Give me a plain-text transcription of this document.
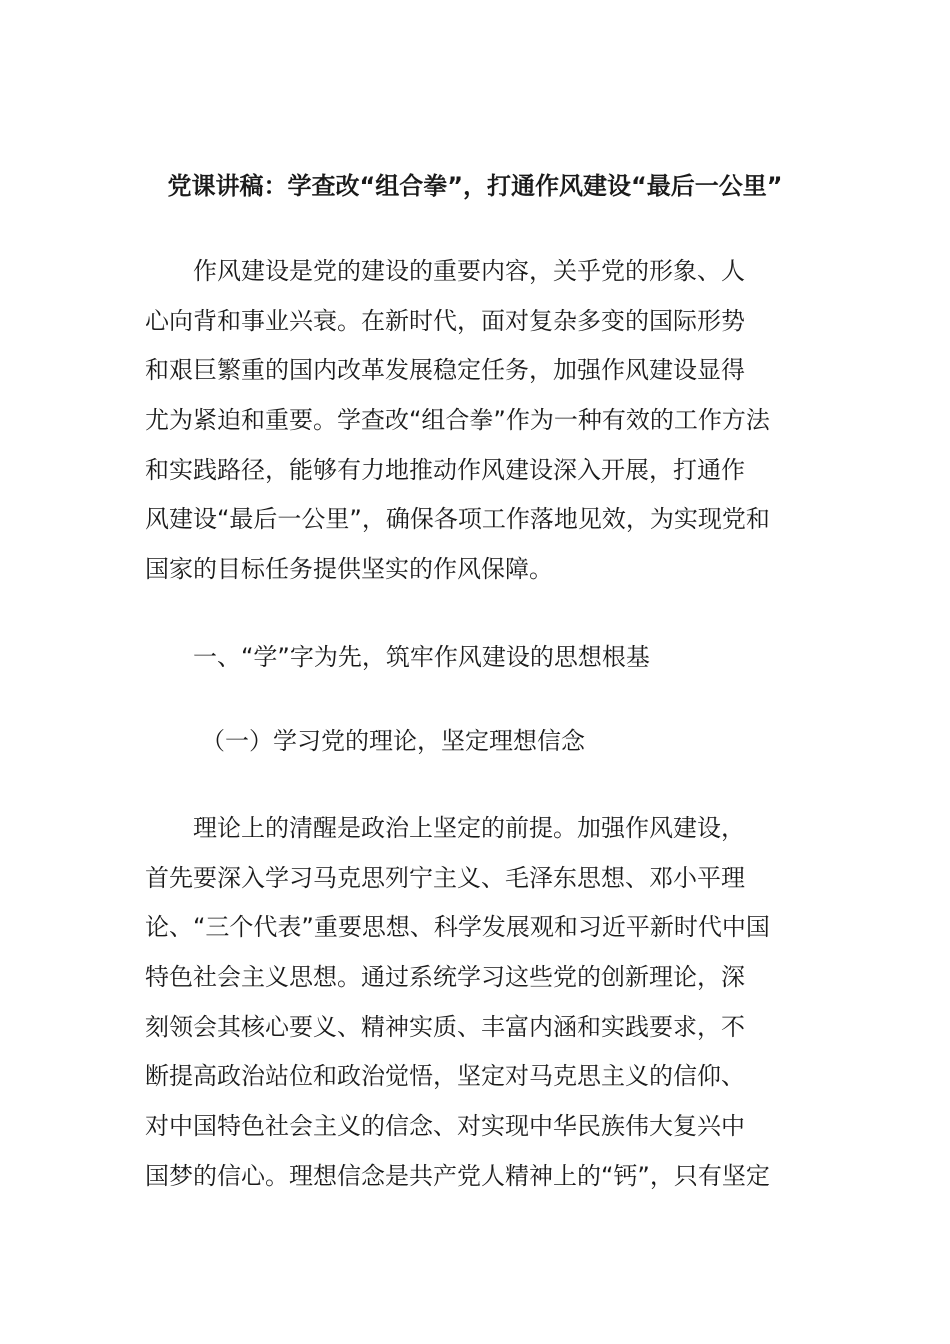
党课讲稿：学查改“组合拳”，打通作风建设“最后一公里”
作风建设是党的建设的重要内容，关乎党的形象、人
心向背和事业兴衰。在新时代，面对复杂多变的国际形势
和艰巨繁重的国内改革发展稳定任务，加强作风建设显得
尤为紧迫和重要。学查改“组合拳”作为一种有效的工作方法
和实践路径，能够有力地推动作风建设深入开展，打通作
风建设“最后一公里”，确保各项工作落地见效，为实现党和
国家的目标任务提供坚实的作风保障。
一、“学”字为先，筑牢作风建设的思想根基
（一）学习党的理论，坚定理想信念
理论上的清醒是政治上坚定的前提。加强作风建设，
首先要深入学习马克思列宁主义、毛泽东思想、邓小平理
论、“三个代表”重要思想、科学发展观和习近平新时代中国
特色社会主义思想。通过系统学习这些党的创新理论，深
刻领会其核心要义、精神实质、丰富内涵和实践要求，不
断提高政治站位和政治觉悟，坚定对马克思主义的信仰、
对中国特色社会主义的信念、对实现中华民族伟大复兴中
国梦的信心。理想信念是共产党人精神上的“钙”，只有坚定
